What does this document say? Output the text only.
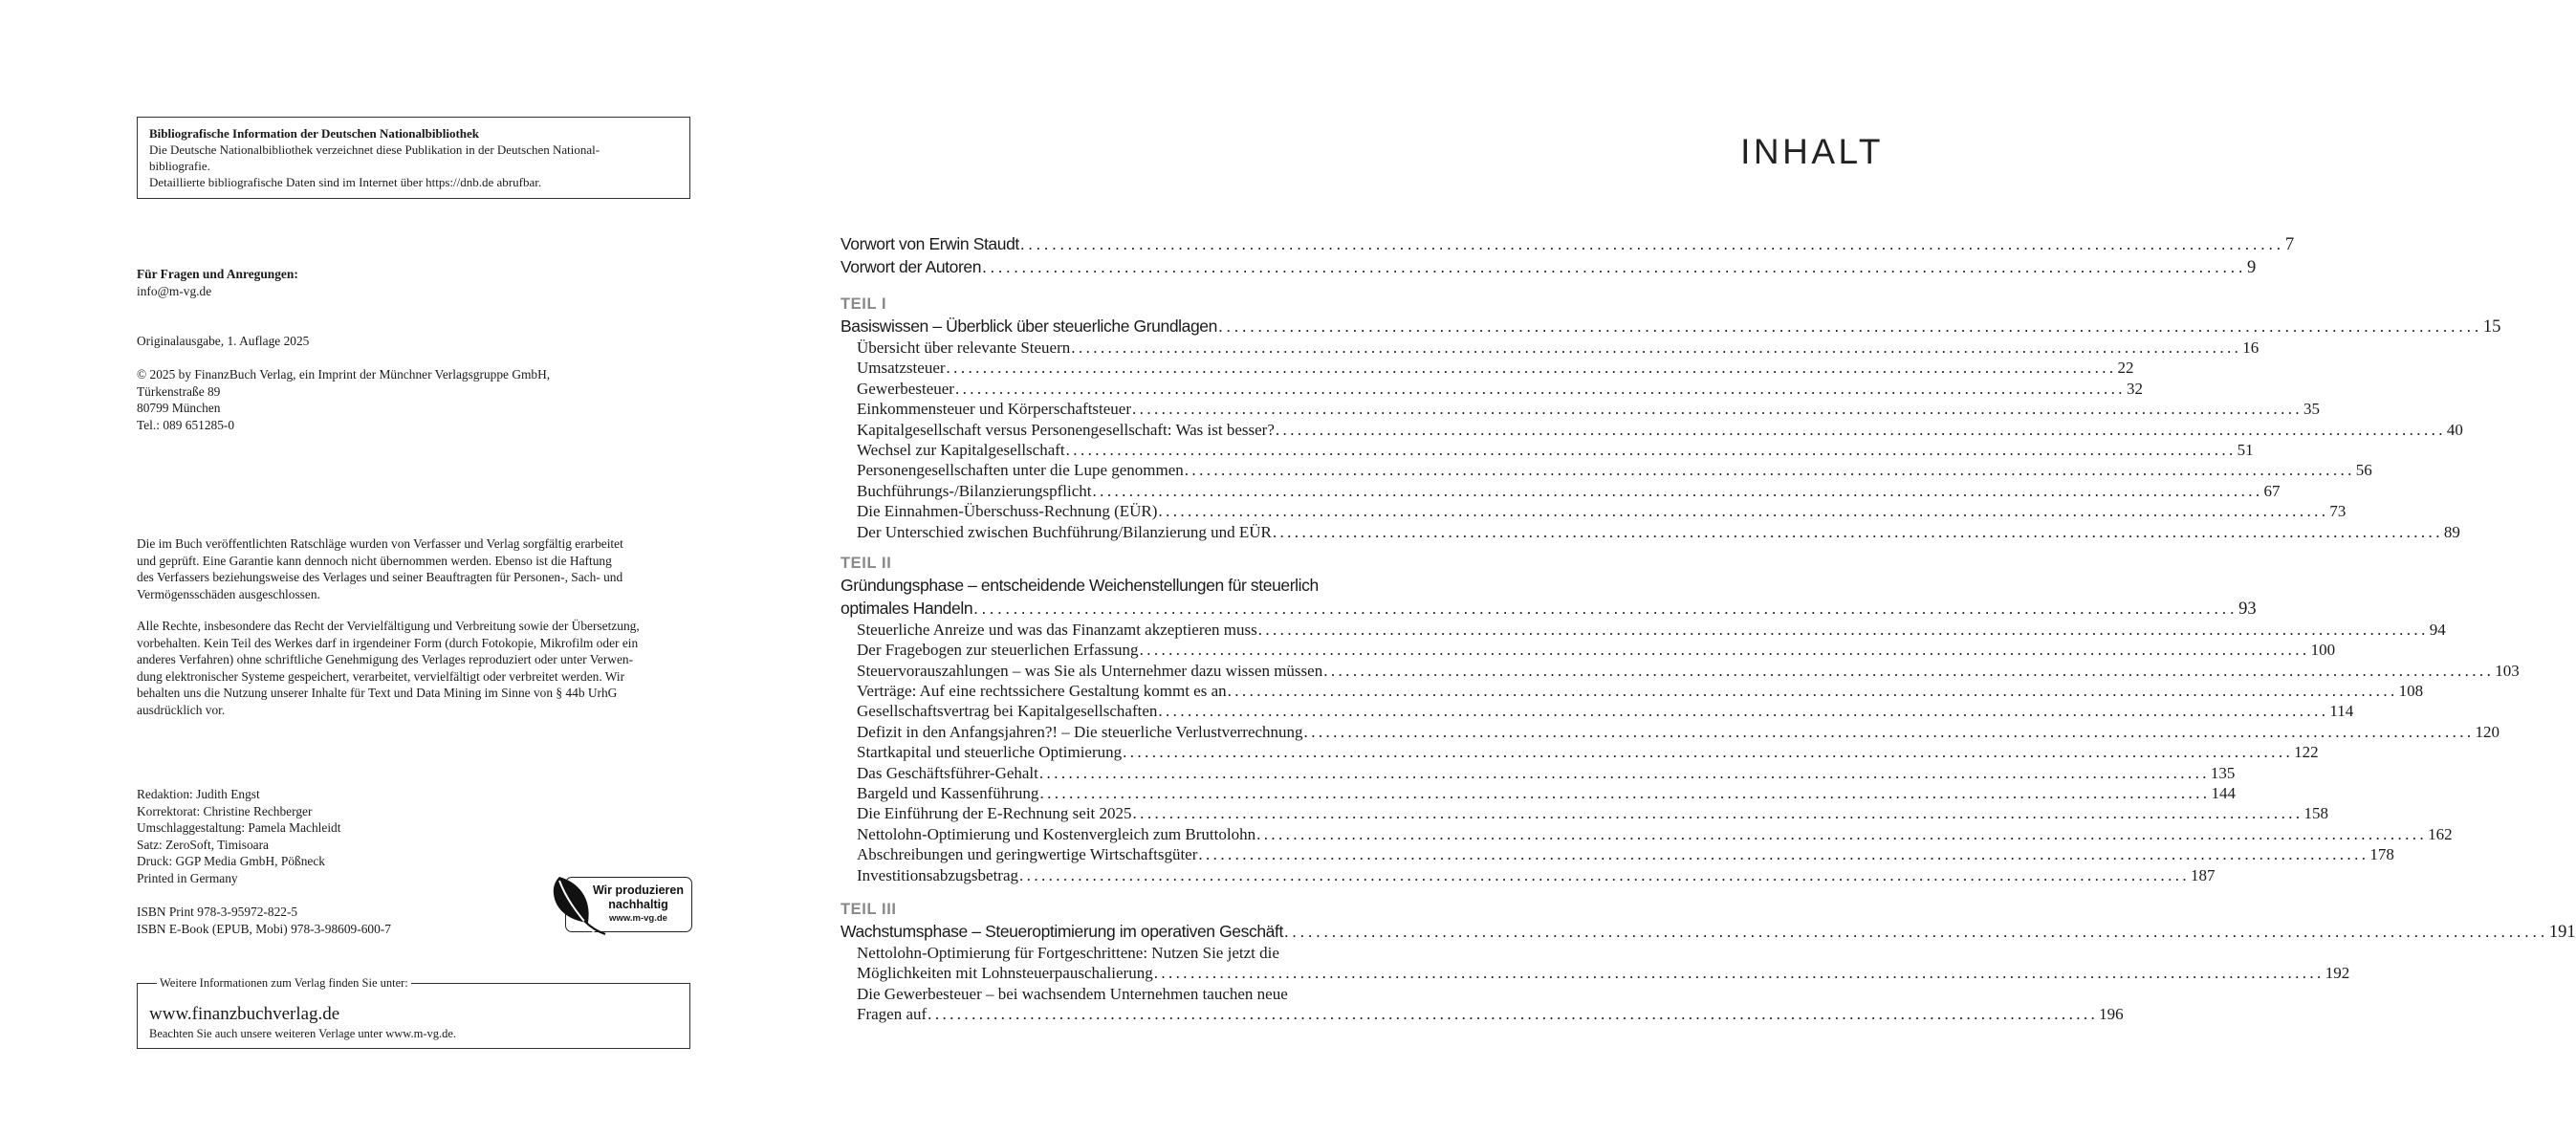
Bibliografische Information der Deutschen Nationalbibliothek
Die Deutsche Nationalbibliothek verzeichnet diese Publikation in der Deutschen National-
bibliografie.
Detaillierte bibliografische Daten sind im Internet über https://dnb.de abrufbar.
Für Fragen und Anregungen:
info@m-vg.de
Originalausgabe, 1. Auflage 2025
© 2025 by FinanzBuch Verlag, ein Imprint der Münchner Verlagsgruppe GmbH,
Türkenstraße 89
80799 München
Tel.: 089 651285-0
Die im Buch veröffentlichten Ratschläge wurden von Verfasser und Verlag sorgfältig erarbeitet
und geprüft. Eine Garantie kann dennoch nicht übernommen werden. Ebenso ist die Haftung
des Verfassers beziehungsweise des Verlages und seiner Beauftragten für Personen-, Sach- und
Vermögensschäden ausgeschlossen.
Alle Rechte, insbesondere das Recht der Vervielfältigung und Verbreitung sowie der Übersetzung,
vorbehalten. Kein Teil des Werkes darf in irgendeiner Form (durch Fotokopie, Mikrofilm oder ein
anderes Verfahren) ohne schriftliche Genehmigung des Verlages reproduziert oder unter Verwen-
dung elektronischer Systeme gespeichert, verarbeitet, vervielfältigt oder verbreitet werden. Wir
behalten uns die Nutzung unserer Inhalte für Text und Data Mining im Sinne von § 44b UrhG
ausdrücklich vor.
Redaktion: Judith Engst
Korrektorat: Christine Rechberger
Umschlaggestaltung: Pamela Machleidt
Satz: ZeroSoft, Timisoara
Druck: GGP Media GmbH, Pößneck
Printed in Germany
ISBN Print 978-3-95972-822-5
ISBN E-Book (EPUB, Mobi) 978-3-98609-600-7
Wir produzieren
nachhaltig
www.m-vg.de
Weitere Informationen zum Verlag finden Sie unter:
www.finanzbuchverlag.de
Beachten Sie auch unsere weiteren Verlage unter www.m-vg.de.
INHALT
Vorwort von Erwin Staudt .....	7
Vorwort der Autoren .....	9
TEIL I
Basiswissen – Überblick über steuerliche Grundlagen .....	15
Übersicht über relevante Steuern .....	16
Umsatzsteuer .....	22
Gewerbesteuer .....	32
Einkommensteuer und Körperschaftsteuer .....	35
Kapitalgesellschaft versus Personengesellschaft: Was ist besser? .....	40
Wechsel zur Kapitalgesellschaft .....	51
Personengesellschaften unter die Lupe genommen .....	56
Buchführungs-/Bilanzierungspflicht .....	67
Die Einnahmen-Überschuss-Rechnung (EÜR) .....	73
Der Unterschied zwischen Buchführung/Bilanzierung und EÜR .....	89
TEIL II
Gründungsphase – entscheidende Weichenstellungen für steuerlich
optimales Handeln .....	93
Steuerliche Anreize und was das Finanzamt akzeptieren muss .....	94
Der Fragebogen zur steuerlichen Erfassung .....	100
Steuervorauszahlungen – was Sie als Unternehmer dazu wissen müssen .....	103
Verträge: Auf eine rechtssichere Gestaltung kommt es an .....	108
Gesellschaftsvertrag bei Kapitalgesellschaften .....	114
Defizit in den Anfangsjahren?! – Die steuerliche Verlustverrechnung .....	120
Startkapital und steuerliche Optimierung .....	122
Das Geschäftsführer-Gehalt .....	135
Bargeld und Kassenführung .....	144
Die Einführung der E-Rechnung seit 2025 .....	158
Nettolohn-Optimierung und Kostenvergleich zum Bruttolohn .....	162
Abschreibungen und geringwertige Wirtschaftsgüter .....	178
Investitionsabzugsbetrag .....	187
TEIL III
Wachstumsphase – Steueroptimierung im operativen Geschäft .....	191
Nettolohn-Optimierung für Fortgeschrittene: Nutzen Sie jetzt die
Möglichkeiten mit Lohnsteuerpauschalierung .....	192
Die Gewerbesteuer – bei wachsendem Unternehmen tauchen neue
Fragen auf .....	196
